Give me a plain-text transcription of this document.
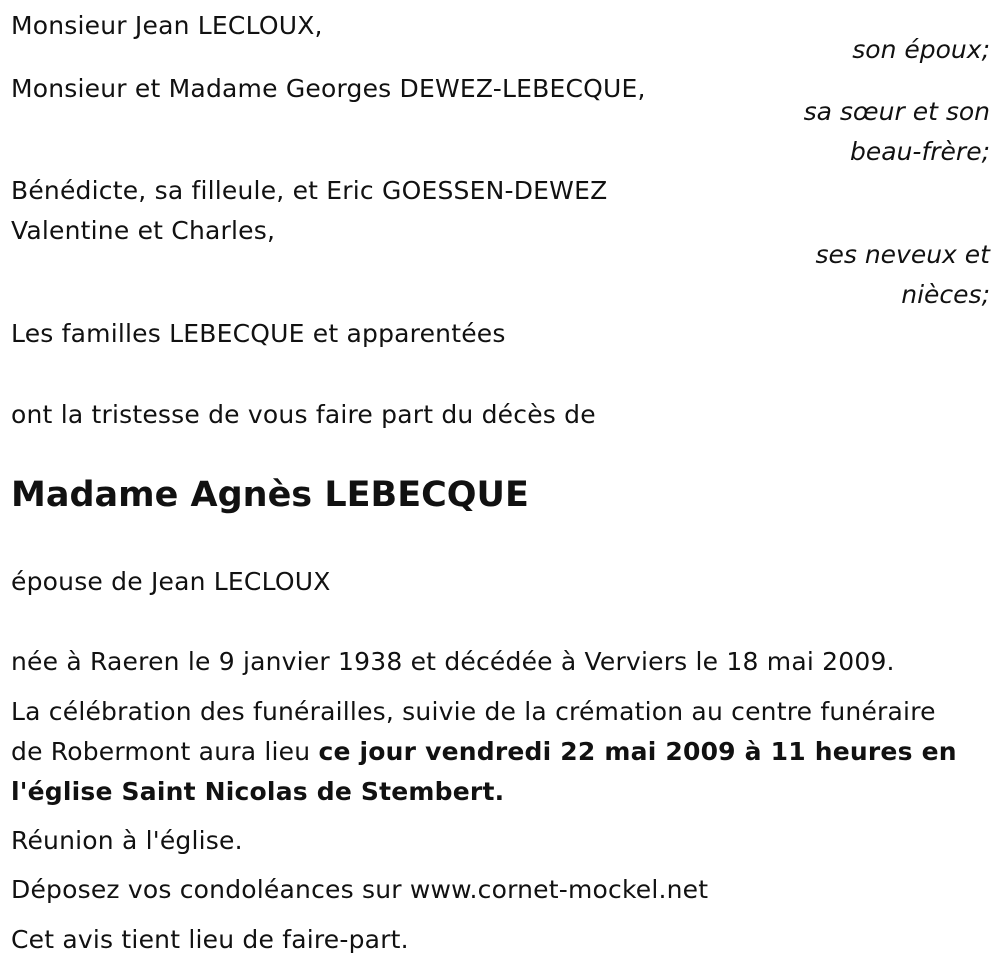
Monsieur Jean LECLOUX,
son époux;
Monsieur et Madame Georges DEWEZ-LEBECQUE,
sa sœur et son
beau-frère;
Bénédicte, sa filleule, et Eric GOESSEN-DEWEZ
Valentine et Charles,
ses neveux et
nièces;
Les familles LEBECQUE et apparentées
ont la tristesse de vous faire part du décès de
Madame Agnès LEBECQUE
épouse de Jean LECLOUX
née à Raeren le 9 janvier 1938 et décédée à Verviers le 18 mai 2009.
La célébration des funérailles, suivie de la crémation au centre funéraire
de Robermont aura lieu ce jour vendredi 22 mai 2009 à 11 heures en
l'église Saint Nicolas de Stembert.
Réunion à l'église.
Déposez vos condoléances sur www.cornet-mockel.net
Cet avis tient lieu de faire-part.
